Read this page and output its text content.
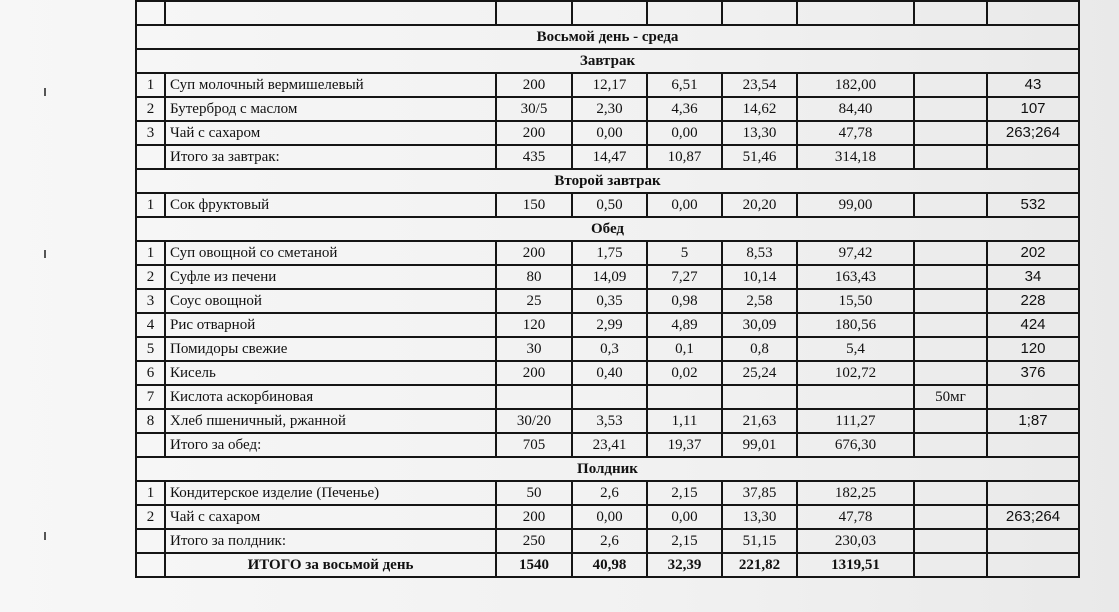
Восьмой день - среда								
Завтрак								
1	Суп молочный вермишелевый	200	12,17	6,51	23,54	182,00		43
2	Бутерброд с маслом	30/5	2,30	4,36	14,62	84,40		107
3	Чай с сахаром	200	0,00	0,00	13,30	47,78		263;264
	Итого за завтрак:	435	14,47	10,87	51,46	314,18		
Второй завтрак								
1	Сок фруктовый	150	0,50	0,00	20,20	99,00		532
Обед								
1	Суп овощной со сметаной	200	1,75	5	8,53	97,42		202
2	Суфле из печени	80	14,09	7,27	10,14	163,43		34
3	Соус овощной	25	0,35	0,98	2,58	15,50		228
4	Рис отварной	120	2,99	4,89	30,09	180,56		424
5	Помидоры свежие	30	0,3	0,1	0,8	5,4		120
6	Кисель	200	0,40	0,02	25,24	102,72		376
7	Кислота аскорбиновая						50мг	
8	Хлеб пшеничный, ржанной	30/20	3,53	1,11	21,63	111,27		1;87
	Итого за обед:	705	23,41	19,37	99,01	676,30		
Полдник								
1	Кондитерское изделие (Печенье)	50	2,6	2,15	37,85	182,25		
2	Чай с сахаром	200	0,00	0,00	13,30	47,78		263;264
	Итого за полдник:	250	2,6	2,15	51,15	230,03		
	ИТОГО за восьмой день	1540	40,98	32,39	221,82	1319,51		
